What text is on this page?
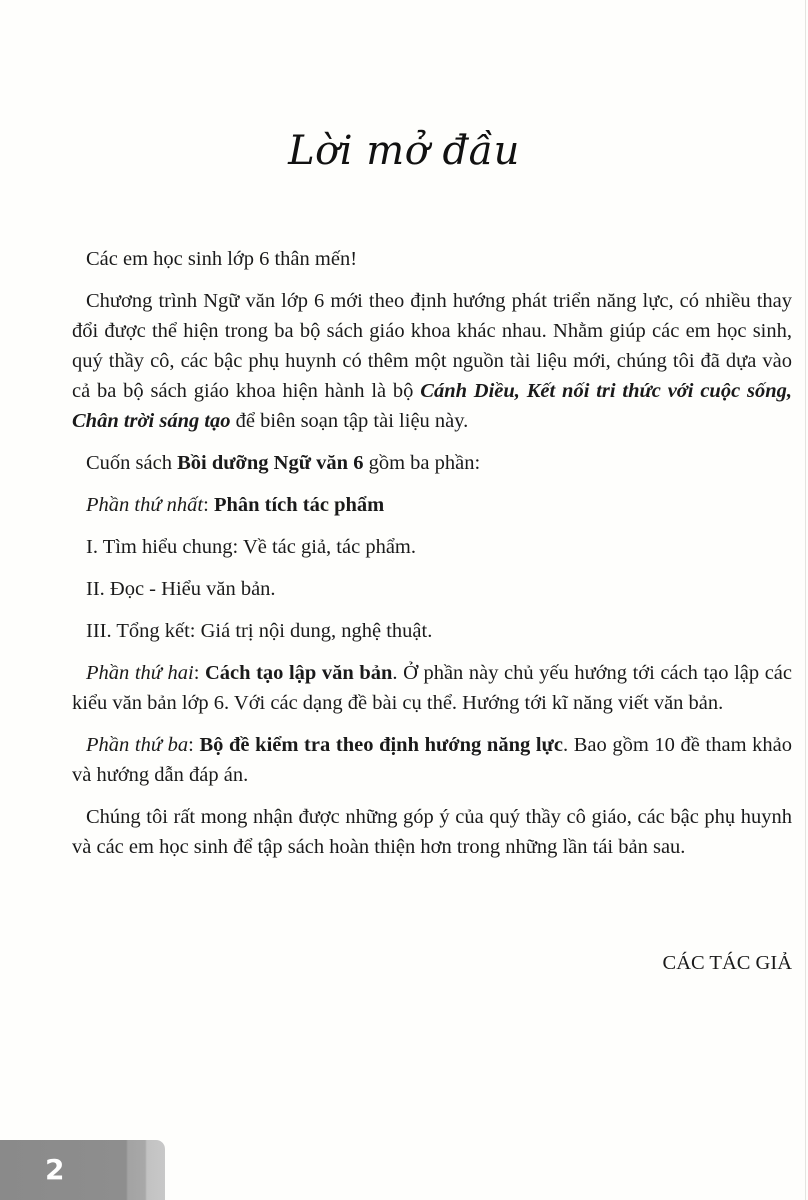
Lời mở đầu

Các em học sinh lớp 6 thân mến!

Chương trình Ngữ văn lớp 6 mới theo định hướng phát triển năng lực, có nhiều thay đổi được thể hiện trong ba bộ sách giáo khoa khác nhau. Nhằm giúp các em học sinh, quý thầy cô, các bậc phụ huynh có thêm một nguồn tài liệu mới, chúng tôi đã dựa vào cả ba bộ sách giáo khoa hiện hành là bộ Cánh Diều, Kết nối tri thức với cuộc sống, Chân trời sáng tạo để biên soạn tập tài liệu này.

Cuốn sách Bồi dưỡng Ngữ văn 6 gồm ba phần:

Phần thứ nhất: Phân tích tác phẩm

I. Tìm hiểu chung: Về tác giả, tác phẩm.

II. Đọc - Hiểu văn bản.

III. Tổng kết: Giá trị nội dung, nghệ thuật.

Phần thứ hai: Cách tạo lập văn bản. Ở phần này chủ yếu hướng tới cách tạo lập các kiểu văn bản lớp 6. Với các dạng đề bài cụ thể. Hướng tới kĩ năng viết văn bản.

Phần thứ ba: Bộ đề kiểm tra theo định hướng năng lực. Bao gồm 10 đề tham khảo và hướng dẫn đáp án.

Chúng tôi rất mong nhận được những góp ý của quý thầy cô giáo, các bậc phụ huynh và các em học sinh để tập sách hoàn thiện hơn trong những lần tái bản sau.

CÁC TÁC GIẢ
2
